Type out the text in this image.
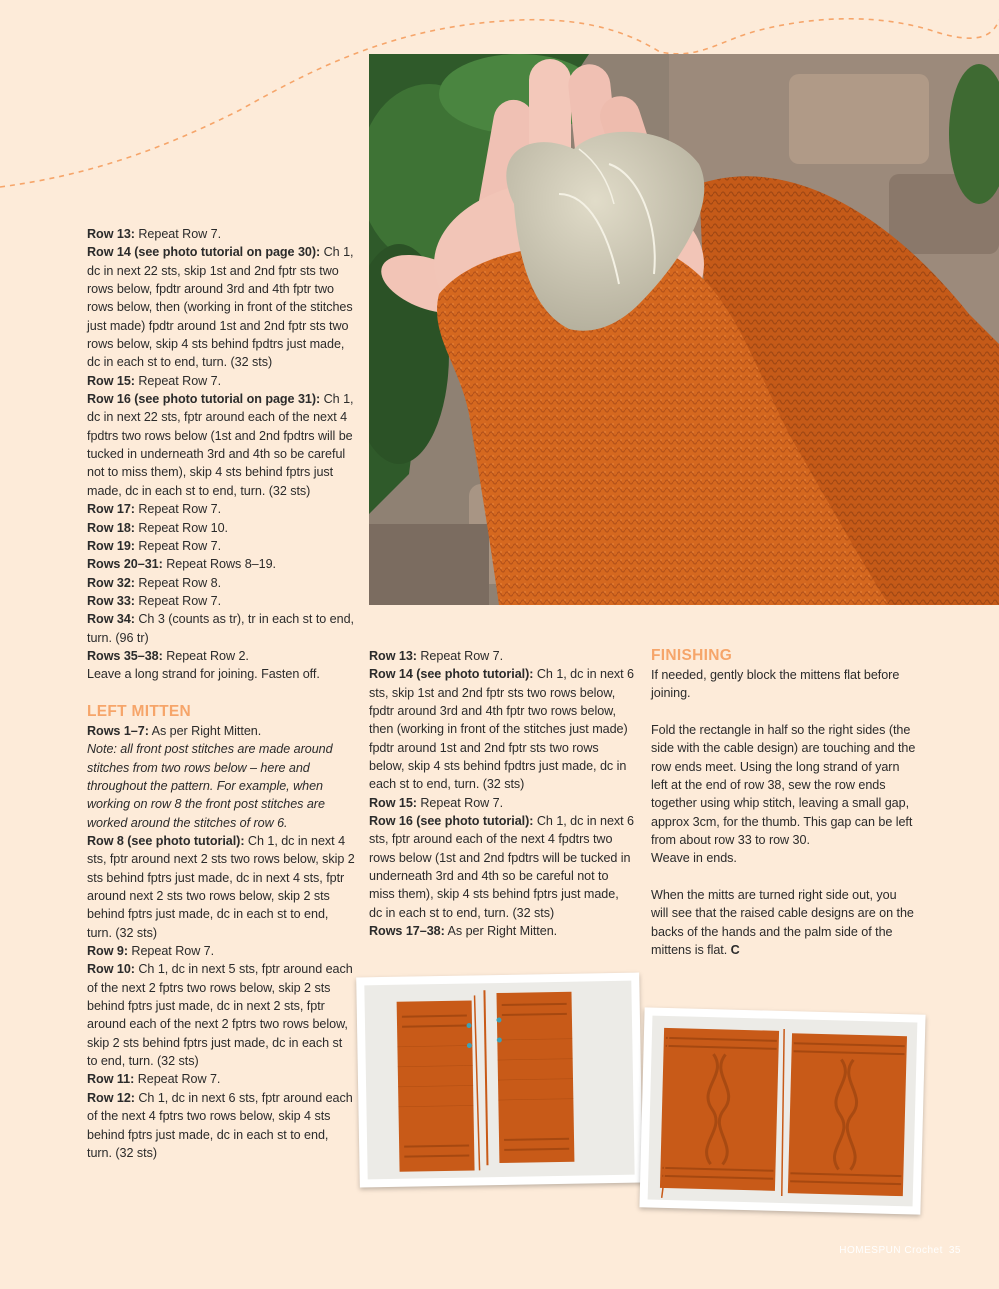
Row 13: Repeat Row 7.

Row 14 (see photo tutorial on page 30): Ch 1, dc in next 22 sts, skip 1st and 2nd fptr sts two rows below, fpdtr around 3rd and 4th fptr two rows below, then (working in front of the stitches just made) fpdtr around 1st and 2nd fptr sts two rows below, skip 4 sts behind fpdtrs just made, dc in each st to end, turn. (32 sts)

Row 15: Repeat Row 7.

Row 16 (see photo tutorial on page 31): Ch 1, dc in next 22 sts, fptr around each of the next 4 fpdtrs two rows below (1st and 2nd fpdtrs will be tucked in underneath 3rd and 4th so be careful not to miss them), skip 4 sts behind fptrs just made, dc in each st to end, turn. (32 sts)

Row 17: Repeat Row 7.

Row 18: Repeat Row 10.

Row 19: Repeat Row 7.

Rows 20–31: Repeat Rows 8–19.

Row 32: Repeat Row 8.

Row 33: Repeat Row 7.

Row 34: Ch 3 (counts as tr), tr in each st to end, turn. (96 tr)

Rows 35–38: Repeat Row 2.

Leave a long strand for joining. Fasten off.

LEFT MITTEN

Rows 1–7: As per Right Mitten.

Note: all front post stitches are made around stitches from two rows below – here and throughout the pattern. For example, when working on row 8 the front post stitches are worked around the stitches of row 6.

Row 8 (see photo tutorial): Ch 1, dc in next 4 sts, fptr around next 2 sts two rows below, skip 2 sts behind fptrs just made, dc in next 4 sts, fptr around next 2 sts two rows below, skip 2 sts behind fptrs just made, dc in each st to end, turn. (32 sts)

Row 9: Repeat Row 7.

Row 10: Ch 1, dc in next 5 sts, fptr around each of the next 2 fptrs two rows below, skip 2 sts behind fptrs just made, dc in next 2 sts, fptr around each of the next 2 fptrs two rows below, skip 2 sts behind fptrs just made, dc in each st to end, turn. (32 sts)

Row 11: Repeat Row 7.

Row 12: Ch 1, dc in next 6 sts, fptr around each of the next 4 fptrs two rows below, skip 4 sts behind fptrs just made, dc in each st to end, turn. (32 sts)

Row 13: Repeat Row 7.

Row 14 (see photo tutorial): Ch 1, dc in next 6 sts, skip 1st and 2nd fptr sts two rows below, fpdtr around 3rd and 4th fptr two rows below, then (working in front of the stitches just made) fpdtr around 1st and 2nd fptr sts two rows below, skip 4 sts behind fpdtrs just made, dc in each st to end, turn. (32 sts)

Row 15: Repeat Row 7.

Row 16 (see photo tutorial): Ch 1, dc in next 6 sts, fptr around each of the next 4 fpdtrs two rows below (1st and 2nd fpdtrs will be tucked in underneath 3rd and 4th so be careful not to miss them), skip 4 sts behind fptrs just made, dc in each st to end, turn. (32 sts)

Rows 17–38: As per Right Mitten.

FINISHING

If needed, gently block the mittens flat before joining.

Fold the rectangle in half so the right sides (the side with the cable design) are touching and the row ends meet. Using the long strand of yarn left at the end of row 38, sew the row ends together using whip stitch, leaving a small gap, approx 3cm, for the thumb. This gap can be left from about row 33 to row 30.

Weave in ends.

When the mitts are turned right side out, you will see that the raised cable designs are on the backs of the hands and the palm side of the mittens is flat. C

HOMESPUN Crochet 35
